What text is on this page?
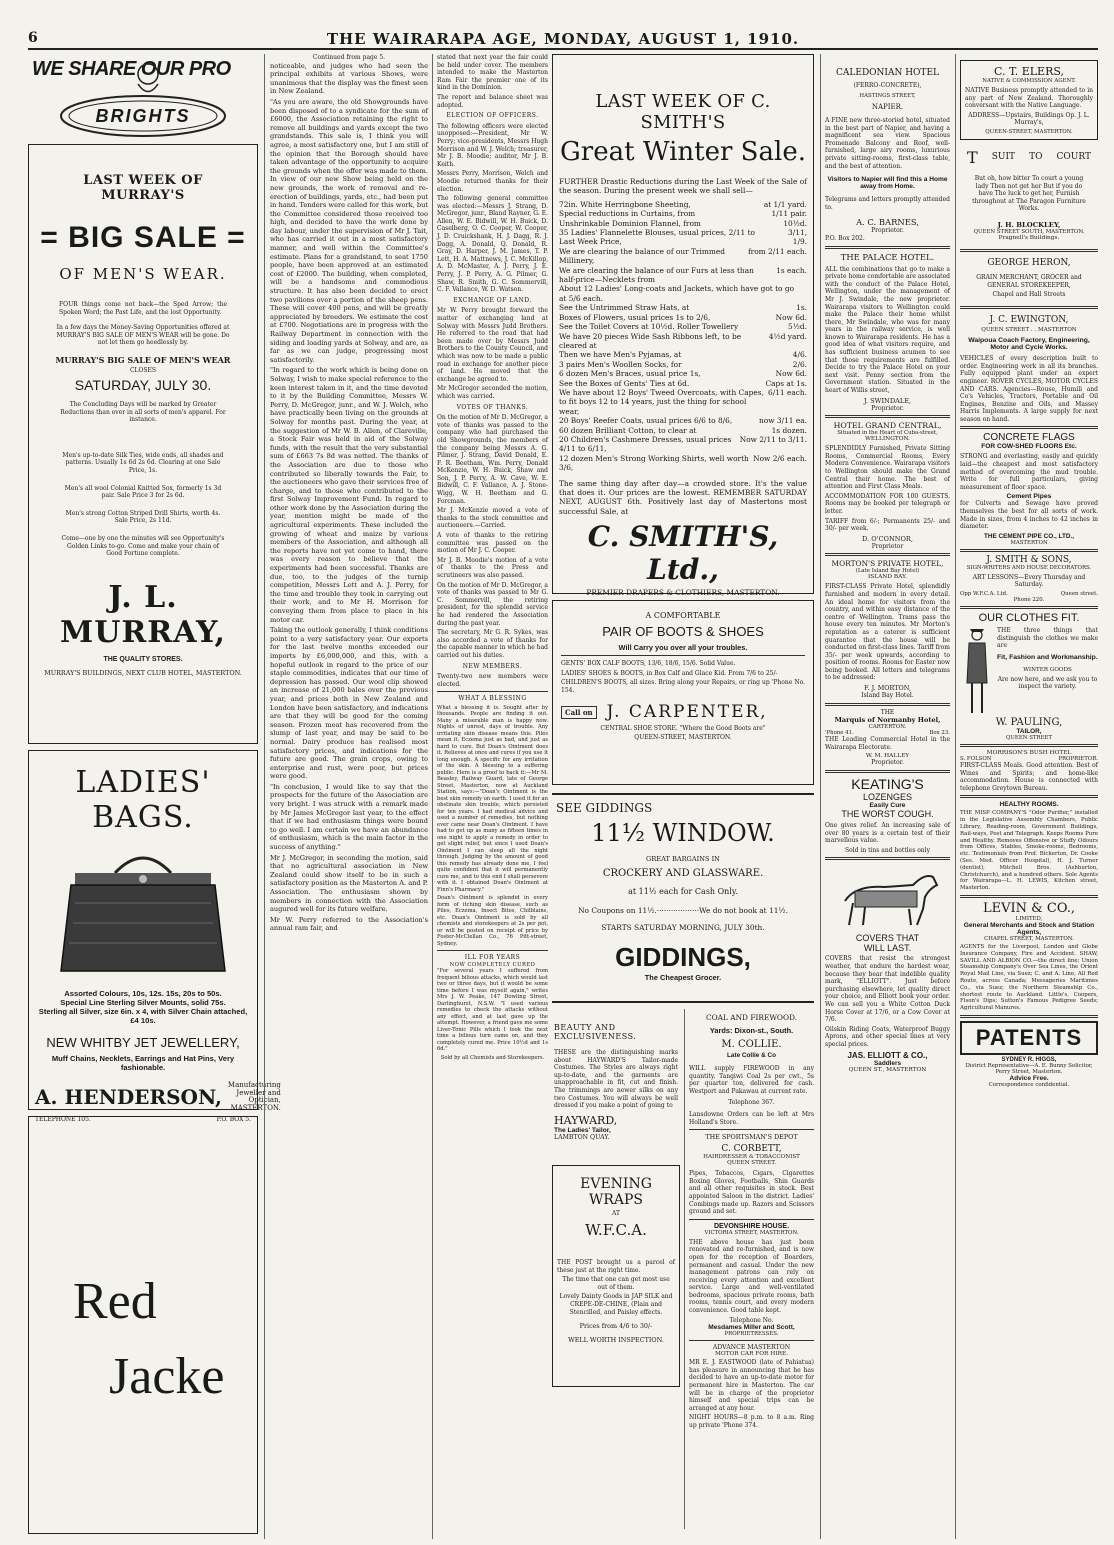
6	THE WAIRARAPA AGE, MONDAY, AUGUST 1, 1910.
WE SHARE OUR PRO
BRIGHTS
LAST WEEK OF MURRAY'S
= BIG SALE =
OF MEN'S WEAR.

FOUR things come not back—the Sped Arrow; the Spoken Word; the Past Life, and the lost Opportunity.

In a few days the Money-Saving Opportunities offered at MURRAY'S BIG SALE OF MEN'S WEAR will be gone. Do not let them go heedlessly by.

MURRAY'S BIG SALE OF MEN'S WEAR
CLOSES
SATURDAY, JULY 30.

The Concluding Days will be marked by Greater Reductions than ever in all sorts of men's apparel. For instance.

Men's up-to-date Silk Ties, wide ends, all shades and patterns. Usually 1s 6d 2s 6d. Clearing at one Sale Price, 1s.

Men's all wool Colonial Knitted Sox, formerly 1s 3d pair. Sale Price 3 for 2s 6d.

Men's strong Cotton Striped Drill Shirts, worth 4s. Sale Price, 2s 11d.

Come—one by one the minutes will see Opportunity's Golden Links to-go. Come and make your chain of Good Fortune complete.

J. L. MURRAY,
THE QUALITY STORES.
MURRAY'S BUILDINGS, NEXT CLUB HOTEL, MASTERTON.
LADIES' BAGS.
Assorted Colours, 10s, 12s. 15s, 20s to 50s.
Special Line Sterling Silver Mounts, solid 75s.
Sterling all Silver, size 6in. x 4, with Silver Chain attached, £4 10s.
NEW WHITBY JET JEWELLERY,
Muff Chains, Necklets, Earrings and Hat Pins, Very fashionable.
A. HENDERSON,
Manufacturing Jeweller and Optician, MASTERTON.
TELEPHONE 105.	P.O. BOX 5.
Red
Jacke
Continued from page 5.

noticeable, and judges who had seen the principal exhibits at various Shows, were unanimous that the display was the finest seen in New Zealand.

"As you are aware, the old Showgrounds have been disposed of to a syndicate for the sum of £6000, the Association retaining the right to remove all buildings and yards except the two grandstands. This sale is, I think you will agree, a most satisfactory one, but I am still of the opinion that the Borough should have taken advantage of the opportunity to acquire the grounds when the offer was made to them. In view of our new Show being held on the new grounds, the work of removal and re-erection of buildings, yards, etc., had been put in hand. Tenders were called for this work, but the Committee considered those received too high, and decided to have the work done by day labour, under the supervision of Mr J. Tait, who has carried it out in a most satisfactory manner, and well within the Committee's estimate. Plans for a grandstand, to seat 1750 people, have been approved at an estimated cost of £2000. The building, when completed, will be a handsome and commodious structure. It has also been decided to erect two pavilions over a portion of the sheep pens. These will cover 400 pens, and will be greatly appreciated by breeders. We estimate the cost at £700. Negotiations are in progress with the Railway Department in connection with the siding and loading yards at Solway, and are, as far as we can judge, progressing most satisfactorily.

"In regard to the work which is being done on Solway, I wish to make special reference to the keen interest taken in it, and the time devoted to it by the Building Committee, Messrs W. Perry, D. McGregor, junr., and W. J. Welch, who have practically been living on the grounds at Solway for months past. During the year, at the suggestion of Mr W. B. Allen, of Clareville, a Stock Fair was held in aid of the Solway funds, with the result that the very substantial sum of £663 7s 8d was netted. The thanks of the Association are due to those who contributed so liberally towards the Fair, to the auctioneers who gave their services free of charge, and to those who contributed to the first Solway Improvement Fund. In regard to other work done by the Association during the year, mention might be made of the agricultural experiments. These included the growing of wheat and maize by various members of the Association, and although all the reports have not yet come to hand, there was every reason to believe that the experiments had been successful. Thanks are due, too, to the judges of the turnip competition, Messrs Lett and A. J. Perry, for the time and trouble they took in carrying out their work, and to Mr H. Morrison for conveying them from place to place in his motor car.

Taking the outlook generally, I think conditions point to a very satisfactory year. Our exports for the last twelve months exceeded our imports by £6,000,000, and this, with a hopeful outlook in regard to the price of our staple commodities, indicates that our time of depression has passed. Our wool clip showed an increase of 21,000 bales over the previous year, and prices both in New Zealand and London have been satisfactory, and indications are that they will be good for the coming season. Frozen meat has recovered from the slump of last year, and may be said to be normal. Dairy produce has realised most satisfactory prices, and indications for the future are good. The grain crops, owing to enterprise and rust, were poor, but prices were good.

"In conclusion, I would like to say that the prospects for the future of the Association are very bright. I was struck with a remark made by Mr James McGregor last year, to the effect that if we had enthusiasm things were bound to go well. I am certain we have an abundance of enthusiasm, which is the main factor in the success of anything."

Mr J. McGregor, in seconding the motion, said that no agricultural association in New Zealand could show itself to be in such a satisfactory position as the Masterton A. and P. Association. The enthusiasm shown by members in connection with the Association augured well for its future welfare.

Mr W. Perry referred to the Association's annual ram fair, and

stated that next year the fair could be held under cover. The members intended to make the Masterton Ram Fair the premier one of its kind in the Dominion.

The report and balance sheet was adopted.

ELECTION OF OFFICERS.

The following officers were elected unopposed:—President, Mr W. Perry; vice-presidents, Messrs Hugh Morrison and W. J. Welch; treasurer, Mr J. B. Moodie; auditor, Mr J. B. Keith.

Messrs Perry, Morrison, Welch and Moodie returned thanks for their election.

The following general committee was elected:—Messrs J. Strang, D. McGregor, junr., Bland Rayner, G. E. Allen, W. E. Bidwill, W. H. Buick, D. Caselberg, O. C. Cooper, W. Cooper, J. D. Cruickshank, H. J. Dagg, R. J. Dagg, A. Donald, Q. Donald, R. Gray, D. Harper, J. M. James, T. P. Lett, H. A. Mattnews, J. C. McKillop, A. D. McMaster, A. J. Perry, J. E. Perry, J. P. Perry, A. G. Pilmer, G. Shaw, R. Smith, G. C. Sommervill, C. F. Vallance, W. D. Watson.

EXCHANGE OF LAND.

Mr W. Perry brought forward the matter of exchanging land at Solway with Messrs Judd Brothers. He referred to the road that had been made over by Messrs Judd Brothers to the County Council, and which was now to be made a public road in exchange for another piece of land. He moved that the exchange be agreed to.

Mr McGregor seconded the motion, which was carried.

VOTES OF THANKS.

On the motion of Mr D. McGregor, a vote of thanks was passed to the company who had purchased the old Showgrounds, the members of the company being Messrs A. G. Pilmer, J. Strang, David Donald, E. F. R. Beetham, Wm. Perry, Donald McKenzie, W. H. Buick, Shaw and Son, J. P. Perry, A. W. Cave, W. E. Bidwill, C. F. Vallance, A. J. Stone-Wigg, W. H. Beetham and G. Forcman.

Mr J. McKenzie moved a vote of thanks to the stock committee and auctioneers.—Carried.

A vote of thanks to the retiring committee was passed on the motion of Mr J. C. Cooper.

Mr J. B. Moodie's motion of a vote of thanks to the Press and scrutineers was also passed.

On the motion of Mr D. McGregor, a vote of thanks was passed to Mr G. C. Sommervill, the retiring president, for the splendid service he had rendered the Association during the past year.

The secretary, Mr G. R. Sykes, was also accorded a vote of thanks for the capable manner in which he had carried out his duties.

NEW MEMBERS.

Twenty-two new members were elected.

WHAT A BLESSING

What a blessing it is. Sought after by thousands. People are finding it out. Many a miserable man is happy now. Nights of unrest, days of trouble. Any irritating skin disease means this. Piles mean it. Eczema just as bad, and just as hard to cure. But Doan's Ointment does it. Relieves at once and cures if you use it long enough. A specific for any irritation of the skin. A blessing to a suffering public. Here is a proof to back it:—Mr M. Beasley, Railway Guard, late of George Street, Masterton, now at Auckland Station, says:—"Doan's Ointment is the best skin remedy on earth. I used it for an obstinate skin trouble, which persisted for ten years. I had medical advice and used a number of remedies, but nothing ever came near Doan's Ointment. I have had to get up as many as fifteen times in one night to apply a remedy in order to get slight relief, but since I used Doan's Ointment I can sleep all the night through. Judging by the amount of good this remedy has already done me, I feel quite confident that it will permanently cure me, and to this end I shall persevere with it. I obtained Doan's Ointment at Finn's Pharmacy."

Doan's Ointment is splendid in every form of itching skin disease, such as Piles, Eczema, Insect Bites, Chilblains, etc. Doan's Ointment is sold by all chemists and storekeepers at 2s per pot, or will be posted on receipt of price by Foster-McClellan Co., 76 Pitt-street, Sydney.

ILL FOR YEARS
NOW COMPLETELY CURED

"For several years I suffered from frequent bilious attacks, which would last two or three days, but it would be some time before I was myself again," writes Mrs J. W. Peake, 147 Dowling Street, Darlinghurst, N.S.W. "I used various remedies to check the attacks without any effect, and at last gave up the attempt. However, a friend gave me some Liver-Tonic Pills which I took the next time a bilious turn came on, and they completely cured me. Price 10½d and 1s 6d."

Sold by all Chemists and Storekeepers.

LAST WEEK OF C. SMITH'S
Great Winter Sale.

FURTHER Drastic Reductions during the Last Week of the Sale of the season. During the present week we shall sell—

72in. White Herringbone Sheeting,	at 1/1 yard.
Special reductions in Curtains, from	1/11 pair.
Unshrinkable Dominion Flannel, from	10½d.
35 Ladies' Flannelette Blouses, usual prices, 2/11 to	3/11,
Last Week Price,	1/9.
We are clearing the balance of our Trimmed Millinery,
from 2/11 each.
We are clearing the balance of our Furs at less than half-price—Necklets from
1s each.
About 12 Ladies' Long-coats and Jackets, which have got to go at 5/6 each.
See the Untrimmed Straw Hats, at	1s.
Boxes of Flowers, usual prices 1s to 2/6,	Now 6d.
See the Toilet Covers at 10½d. Roller Towellery	5½d.
We have 20 pieces Wide Sash Ribbons left, to be cleared at
4½d yard.
Then we have Men's Pyjamas, at	4/6.
3 pairs Men's Woollen Socks, for	2/6.
6 dozen Men's Braces, usual price 1s,	Now 6d.
See the Boxes of Gents' Ties at 6d.	Caps at 1s.
We have about 12 Boys' Tweed Overcoats, with Capes, to fit boys 12 to 14 years, just the thing for school wear,
6/11 each.
20 Boys' Reefer Coats, usual prices 6/6 to 8/6,	now 3/11 ea.
60 dozen Brilliant Cotton, to clear at	1s dozen.
20 Children's Cashmere Dresses, usual prices 4/11 to 6/11,
Now 2/11 to 3/11.
12 dozen Men's Strong Working Shirts, well worth 3/6,
Now 2/6 each.

The same thing day after day—a crowded store. It's the value that does it. Our prices are the lowest. REMEMBER SATURDAY NEXT, AUGUST 6th. Positively last day of Mastertons most successful Sale, at

C. SMITH'S, Ltd.,
PREMIER DRAPERS & CLOTHIERS, MASTERTON.
A COMFORTABLE
PAIR OF BOOTS & SHOES
Will Carry you over all your troubles.

GENTS' BOX CALF BOOTS, 13/6, 18/6, 15/6. Solid Value.

LADIES' SHOES & BOOTS, in Box Calf and Glace Kid. From 7/6 to 25/-

CHILDREN'S BOOTS, all sizes. Bring along your Repairs, or ring up 'Phone No. 154.

Call on J. CARPENTER,
CENTRAL SHOE STORE. "Where the Good Boots are"
QUEEN-STREET, MASTERTON.
SEE GIDDINGS
11½ WINDOW.
GREAT BARGAINS IN
CROCKERY AND GLASSWARE.
at 11½ each for Cash Only.
No Coupons on 11½.··················We do not book at 11½.
STARTS SATURDAY MORNING, JULY 30th.
GIDDINGS,
The Cheapest Grocer.
BEAUTY AND
EXCLUSIVENESS.

THESE are the distinguishing marks about HAYWARD'S Tailor-made Costumes. The Styles are always right up-to-date, and the garments are unapproachable in fit, cut and finish. The trimmings are newer silks on any two Costumes. You will always be well dressed if you make a point of going to

HAYWARD,
The Ladies' Tailor,
LAMBTON QUAY.
EVENING WRAPS
AT
W.F.C.A.

THE POST brought us a parcel of these just at the right time.

The time that one can get most use out of them.

Lovely Dainty Goods in JAP SILK and CREPE-DE-CHINE, (Plain and Stencilled, and Paisley effects.

Prices from 4/6 to 30/-

WELL WORTH INSPECTION.

COAL AND FIREWOOD.
Yards: Dixon-st., South.
M. COLLIE.
Late Collie & Co

WILL supply FIREWOOD in any quantity. Tangiwi Coal 2s per cwt., 5s per quarter ton, delivered for cash. Westport and Pakawau at current rate.

Telephone 367.

Lansdowne Orders can be left at Mrs Holland's Store.

THE SPORTSMAN'S DEPOT
C. CORBETT,
HAIRDRESSER & TOBACCONIST
QUEEN STREET.

Pipes, Tobaccos, Cigars, Cigarettes Boxing Gloves, Footballs, Shin Guards and all other requisites in stock. Best appointed Saloon in the district. Ladies' Combings made up. Razors and Scissors ground and set.

DEVONSHIRE HOUSE.
VICTORIA STREET, MASTERTON.

THE above house has just been renovated and re-furnished, and is now open for the reception of Boarders, permanent and casual. Under the new management patrons can rely on receiving every attention and excellent service. Large and well-ventilated bedrooms, spacious private rooms, bath rooms, tennis court, and every modern convenience. Good table kept.

Telephone No.
Mesdames Miller and Scott,
PROPRIETRESSES.
ADVANCE MASTERTON
MOTOR CAR FOR HIRE.

MR E. J. EASTWOOD (late of Pahiatua) has pleasure in announcing that he has decided to have an up-to-date motor for permanent hire in Masterton. The car will be in charge of the proprietor himself and special trips can be arranged at any hour.

NIGHT HOURS—8 p.m. to 8 a.m. Ring up private 'Phone 374.

CALEDONIAN HOTEL
(FERRO-CONCRETE),
HASTINGS STREET,
NAPIER.

A FINE new three-storied hotel, situated in the best part of Napier, and having a magnificent sea view. Spacious Promenade Balcony and Roof, well-furnished, large airy rooms, luxurious private sitting-rooms, first-class table, and the best of attention.

Visitors to Napier will find this a Home away from Home.

Telegrams and letters promptly attended to.

A. C. BARNES,
Proprietor.
P.O. Box 202.
THE PALACE HOTEL.

ALL the combinations that go to make a private home comfortable are associated with the conduct of the Palace Hotel, Wellington, under the management of Mr J. Swindale, the new proprietor. Wairarapa visitors to Wellington could make the Palace their home whilst there, Mr Swindale, who was for many years in the railway service, is well known to Wairarapa residents. He has a good idea of what visitors require, and has sufficient business acumen to see that those requirements are fulfilled. Decide to try the Palace Hotel on your next visit. Penny section from the Government station. Situated in the heart of Willis street,

J. SWINDALE,
Proprietor.
HOTEL GRAND CENTRAL,
Situated in the Heart of Cuba-street,
WELLINGTON.

SPLENDIDLY Furnished, Private Sitting Rooms, Commercial Rooms, Every Modern Convenience. Wairarapa visitors to Wellington should make the Grand Central their home. The best of attention and First Class Meals.

ACCOMMODATION FOR 100 GUESTS. Rooms may be booked per telegraph or letter.

TARIFF from 6/-; Permanents 25/- and 30/- per week.

D. O'CONNOR,
Proprietor
MORTON'S PRIVATE HOTEL,
(Late Island Bay Hotel)
ISLAND BAY.

FIRST-CLASS Private Hotel, splendidly furnished and modern in every detail. An ideal home for visitors from the country, and within easy distance of the centre of Wellington. Trams pass the house every ten minutes. Mr Morton's reputation as a caterer is sufficient guarantee that the house will be conducted on first-class lines. Tariff from 35/- per week upwards, according to position of rooms. Rooms for Easter now being booked. All letters and telegrams to be addressed:

F. J. MORTON,
Island Bay Hotel.
THE
Marquis of Normanby Hotel,
CARTERTON.
'Phone 41.	Box 23.

THE Leading Commercial Hotel in the Wairarapa Electorate.

W. M. HALLEY
Proprietor.
KEATING'S
LOZENGES
Easily Cure
THE WORST COUGH.

One gives relief. An increasing sale of over 80 years is a certain test of their marvellous value.

Sold in tins and bottles only
COVERS THAT
WILL LAST.

COVERS that resist the strongest weather, that endure the hardest wear, because they bear that indelible quality mark, "ELLIOTT". Just before purchasing elsewhere, let quality direct your choice, and Elliott book your order. We can sell you a White Cotton Duck Horse Cover at 17/6, or a Cow Cover at 7/6.

Oilskin Riding Coats, Waterproof Buggy Aprons, and other special lines at very special prices.

JAS. ELLIOTT & CO.,
Saddlers
QUEEN ST., MASTERTON
C. T. ELERS,
NATIVE & COMMISSION AGENT.

NATIVE Business promptly attended to in any part of New Zealand. Thoroughly conversant with the Native Language.

ADDRESS—Upstairs, Buildings Op. J. L. Murray's,

QUEEN-STREET, MASTERTON.
T SUIT TO COURT

But oh, how bitter To court a young lady Then not get her But if you do have The luck to get her, Furnish throughout at The Paragon Furniture Works.

J. H. BLOCKLEY,
QUEEN STREET SOUTH, MASTERTON.
Pragnell's Buildings.
GEORGE HERON,

GRAIN MERCHANT, GROCER and GENERAL STOREKEEPER,

Chapel and Hall Streets
J. C. EWINGTON,
QUEEN STREET . . MASTERTON
Waipoua Coach Factory, Engineering, Motor and Cycle Works.

VEHICLES of every description built to order. Engineering work in all its branches. Fully equipped plant under an expert engineer. ROVER CYCLES, MOTOR CYCLES AND CARS. Agencies—Rouse, Humili and Co's Vehicles, Tractors, Portable and Oil Engines, Benzine and Oils, and Massey Harris Implements. A large supply for next season on hand.

CONCRETE FLAGS
FOR COW-SHED FLOORS Etc.

STRONG and everlasting, easily and quickly laid—the cheapest and most satisfactory method of overcoming the mud trouble. Write for full particulars, giving measurement of floor space.

Cement Pipes

for Culverts and Sewage have proved themselves the best for all sorts of work. Made in sizes, from 4 inches to 42 inches in diameter.

THE CEMENT PIPE CO., LTD.,
MASTERTON
J. SMITH & SONS,
SIGN-WRITERS AND HOUSE DECORATORS.

ART LESSONS—Every Thursday and Saturday.

Opp W.F.C.A. Ltd.	Queen street.
Phone 220.
OUR CLOTHES FIT.

THE three things that distinguish the clothes we make are

Fit, Fashion and Workmanship.
WINTER GOODS

Are now here, and we ask you to inspect the variety.

W. PAULING,
TAILOR,
QUEEN STREET
MORRISON'S BUSH HOTEL
S. FOLSON	PROPRIETOR.

FIRST-CLASS Meals. Good attention. Best of Wines and Spirits; and home-like accommodation. House is connected with telephone Greytown Bureau.

HEALTHY ROOMS.

THE MISP COMPANY'S "Odor Purifier," installed in the Legislative Assembly Chambers, Public Library, Reading-room, Government Buildings, Rail-ways, Post and Telegraph. Keeps Rooms Pure and Healthy. Removes Offensive or Stuffy Odours from Offices, Stables, Smoke-rooms, Bedrooms, etc. Testimonials from Prof. Bickerton, Dr. Cooke (Ses. Med. Officer Hospital), H. J. Turner (dentist), Mitchell Bros. (Ashburton, Christchurch), and a hundred others. Sole Agents for Wairarapa—L. H. LEWIS, Kitchen street, Masterton.

LEVIN & CO.,
LIMITED,
General Merchants and Stock and Station Agents,
CHAPEL STREET, MASTERTON.

AGENTS for the Liverpool, London and Globe Insurance Company, Fire and Accident. SHAW, SAVILL AND ALBION CO.—the direct line; Union Steamship Company's Over Sea Lines, the Orient Royal Mail Line, via Suez; C. and A. Line, All Red Route, across Canada; Messageries Maritimes Co., via Suez; the Northern Steamship Co., shortest route to Auckland. Little's, Coopers, Fison's Dips; Sutton's Famous Pedigree Seeds; Agricultural Manures.

PATENTS
SYDNEY R. HIGGS,
District Representative—A. E. Bunny Solicitor, Perry Street, Masterton.
Advice Free.
Correspondence confidential.
